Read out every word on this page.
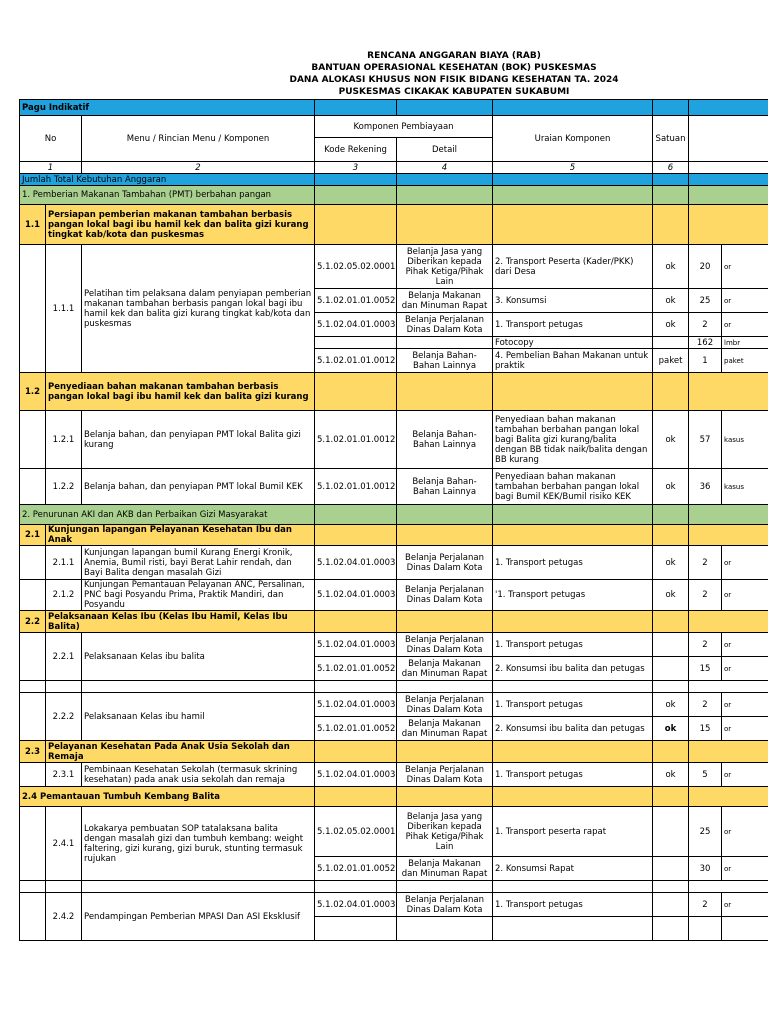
RENCANA ANGGARAN BIAYA (RAB)
BANTUAN OPERASIONAL KESEHATAN (BOK) PUSKESMAS
DANA ALOKASI KHUSUS NON FISIK BIDANG KESEHATAN TA. 2024
PUSKESMAS CIKAKAK KABUPATEN SUKABUMI
Pagu Indikatif								
No		Menu / Rincian Menu / Komponen	Komponen Pembiayaan		Uraian Komponen	Satuan		
			Kode Rekening	Detail				
1		2	3	4	5	6		
Jumlah Total Kebutuhan Anggaran								
1. Pemberian Makanan Tambahan (PMT) berbahan pangan								
1.1	Persiapan pemberian makanan tambahan berbasis pangan lokal bagi ibu hamil kek dan balita gizi kurang tingkat kab/kota dan puskesmas							
	1.1.1	Pelatihan tim pelaksana dalam penyiapan pemberian makanan tambahan berbasis pangan lokal bagi ibu hamil kek dan balita gizi kurang tingkat kab/kota dan puskesmas	5.1.02.05.02.0001	Belanja Jasa yang Diberikan kepada Pihak Ketiga/Pihak Lain	2. Transport Peserta (Kader/PKK) dari Desa	ok	20	or
			5.1.02.01.01.0052	Belanja Makanan dan Minuman Rapat	3. Konsumsi	ok	25	or
			5.1.02.04.01.0003	Belanja Perjalanan Dinas Dalam Kota	1. Transport petugas	ok	2	or
					Fotocopy		162	lmbr
			5.1.02.01.01.0012	Belanja Bahan-Bahan Lainnya	4. Pembelian Bahan Makanan untuk praktik	paket	1	paket
1.2	Penyediaan bahan makanan tambahan berbasis pangan lokal bagi ibu hamil kek dan balita gizi kurang							
	1.2.1	Belanja bahan, dan penyiapan PMT lokal Balita gizi kurang	5.1.02.01.01.0012	Belanja Bahan-Bahan Lainnya	Penyediaan bahan makanan tambahan berbahan pangan lokal bagi Balita gizi kurang/balita dengan BB tidak naik/balita dengan BB kurang	ok	57	kasus
	1.2.2	Belanja bahan, dan penyiapan PMT lokal Bumil KEK	5.1.02.01.01.0012	Belanja Bahan-Bahan Lainnya	Penyediaan bahan makanan tambahan berbahan pangan lokal bagi Bumil KEK/Bumil risiko KEK	ok	36	kasus
2. Penurunan AKI dan AKB dan Perbaikan Gizi Masyarakat								
2.1	Kunjungan lapangan Pelayanan Kesehatan Ibu dan Anak							
	2.1.1	Kunjungan lapangan bumil Kurang Energi Kronik, Anemia, Bumil risti, bayi Berat Lahir rendah, dan Bayi Balita dengan masalah Gizi	5.1.02.04.01.0003	Belanja Perjalanan Dinas Dalam Kota	1. Transport petugas	ok	2	or
	2.1.2	Kunjungan Pemantauan Pelayanan ANC, Persalinan, PNC bagi Posyandu Prima, Praktik Mandiri, dan Posyandu	5.1.02.04.01.0003	Belanja Perjalanan Dinas Dalam Kota	'1. Transport petugas	ok	2	or
2.2	Pelaksanaan Kelas Ibu (Kelas Ibu Hamil, Kelas Ibu Balita)							
	2.2.1	Pelaksanaan Kelas ibu balita	5.1.02.04.01.0003	Belanja Perjalanan Dinas Dalam Kota	1. Transport petugas		2	or
			5.1.02.01.01.0052	Belanja Makanan dan Minuman Rapat	2. Konsumsi ibu balita dan petugas		15	or

	2.2.2	Pelaksanaan Kelas ibu hamil	5.1.02.04.01.0003	Belanja Perjalanan Dinas Dalam Kota	1. Transport petugas	ok	2	or
			5.1.02.01.01.0052	Belanja Makanan dan Minuman Rapat	2. Konsumsi ibu balita dan petugas	ok	15	or
2.3	Pelayanan Kesehatan Pada Anak Usia Sekolah dan Remaja							
	2.3.1	Pembinaan Kesehatan Sekolah (termasuk skrining kesehatan) pada anak usia sekolah dan remaja	5.1.02.04.01.0003	Belanja Perjalanan Dinas Dalam Kota	1. Transport petugas	ok	5	or
2.4 Pemantauan Tumbuh Kembang Balita								
	2.4.1	Lokakarya pembuatan SOP tatalaksana balita dengan masalah gizi dan tumbuh kembang: weight faltering, gizi kurang, gizi buruk, stunting termasuk rujukan	5.1.02.05.02.0001	Belanja Jasa yang Diberikan kepada Pihak Ketiga/Pihak Lain	1. Transport peserta rapat		25	or
			5.1.02.01.01.0052	Belanja Makanan dan Minuman Rapat	2. Konsumsi Rapat		30	or

	2.4.2	Pendampingan Pemberian MPASI Dan ASI Eksklusif	5.1.02.04.01.0003	Belanja Perjalanan Dinas Dalam Kota	1. Transport petugas		2	or
